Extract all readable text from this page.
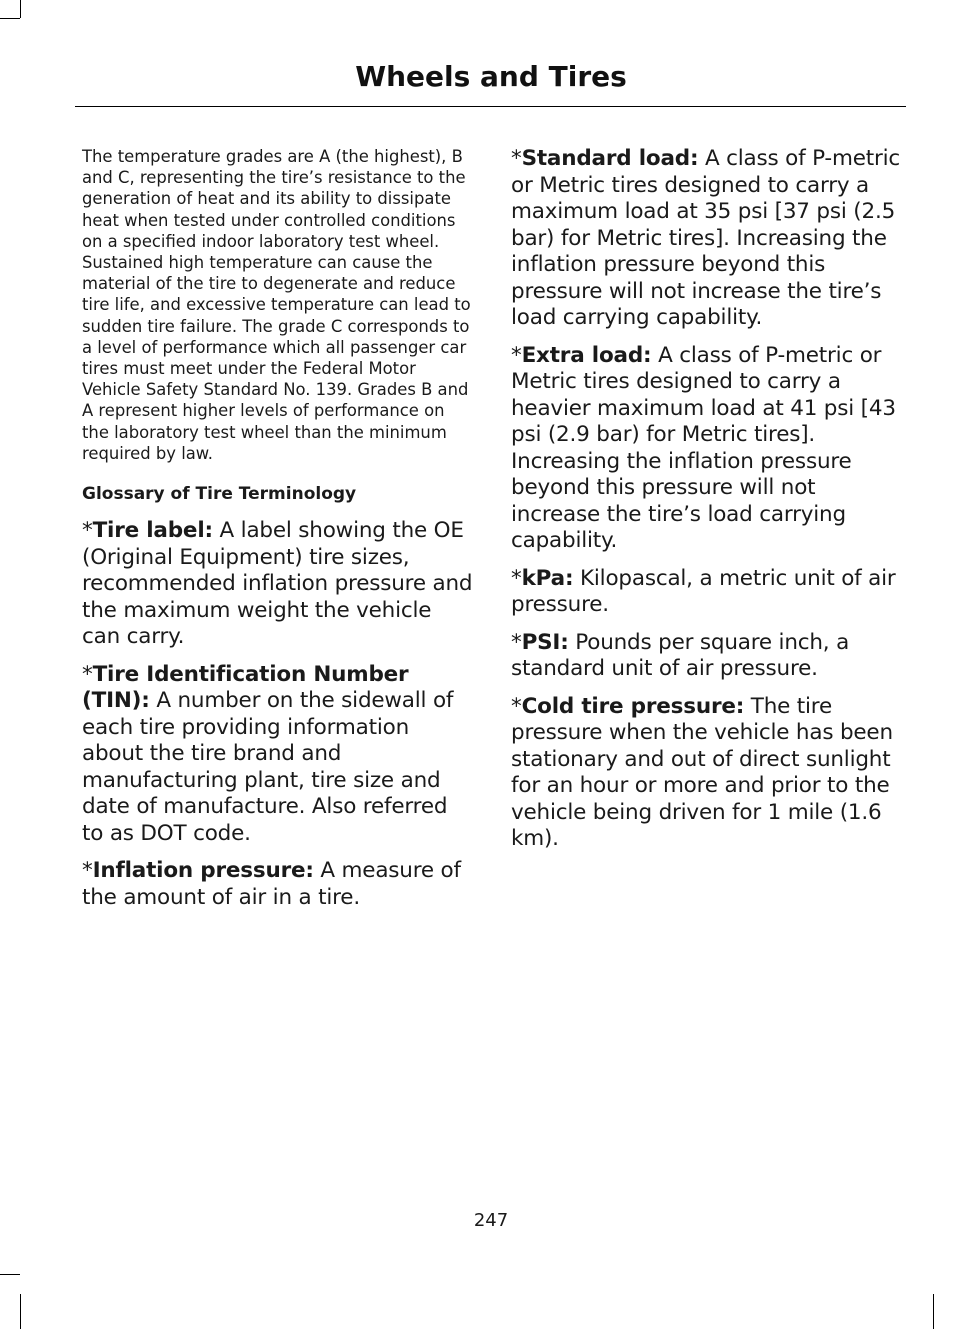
Wheels and Tires

The temperature grades are A (the highest), B and C, representing the tire’s resistance to the generation of heat and its ability to dissipate heat when tested under controlled conditions on a specified indoor laboratory test wheel. Sustained high temperature can cause the material of the tire to degenerate and reduce tire life, and excessive temperature can lead to sudden tire failure. The grade C corresponds to a level of performance which all passenger car tires must meet under the Federal Motor Vehicle Safety Standard No. 139. Grades B and A represent higher levels of performance on the laboratory test wheel than the minimum required by law.

Glossary of Tire Terminology

*Tire label: A label showing the OE (Original Equipment) tire sizes, recommended inflation pressure and the maximum weight the vehicle can carry.

*Tire Identification Number (TIN): A number on the sidewall of each tire providing information about the tire brand and manufacturing plant, tire size and date of manufacture. Also referred to as DOT code.

*Inflation pressure: A measure of the amount of air in a tire.

*Standard load: A class of P-metric or Metric tires designed to carry a maximum load at 35 psi [37 psi (2.5 bar) for Metric tires]. Increasing the inflation pressure beyond this pressure will not increase the tire’s load carrying capability.

*Extra load: A class of P-metric or Metric tires designed to carry a heavier maximum load at 41 psi [43 psi (2.9 bar) for Metric tires]. Increasing the inflation pressure beyond this pressure will not increase the tire’s load carrying capability.

*kPa: Kilopascal, a metric unit of air pressure.

*PSI: Pounds per square inch, a standard unit of air pressure.

*Cold tire pressure: The tire pressure when the vehicle has been stationary and out of direct sunlight for an hour or more and prior to the vehicle being driven for 1 mile (1.6 km).

247
